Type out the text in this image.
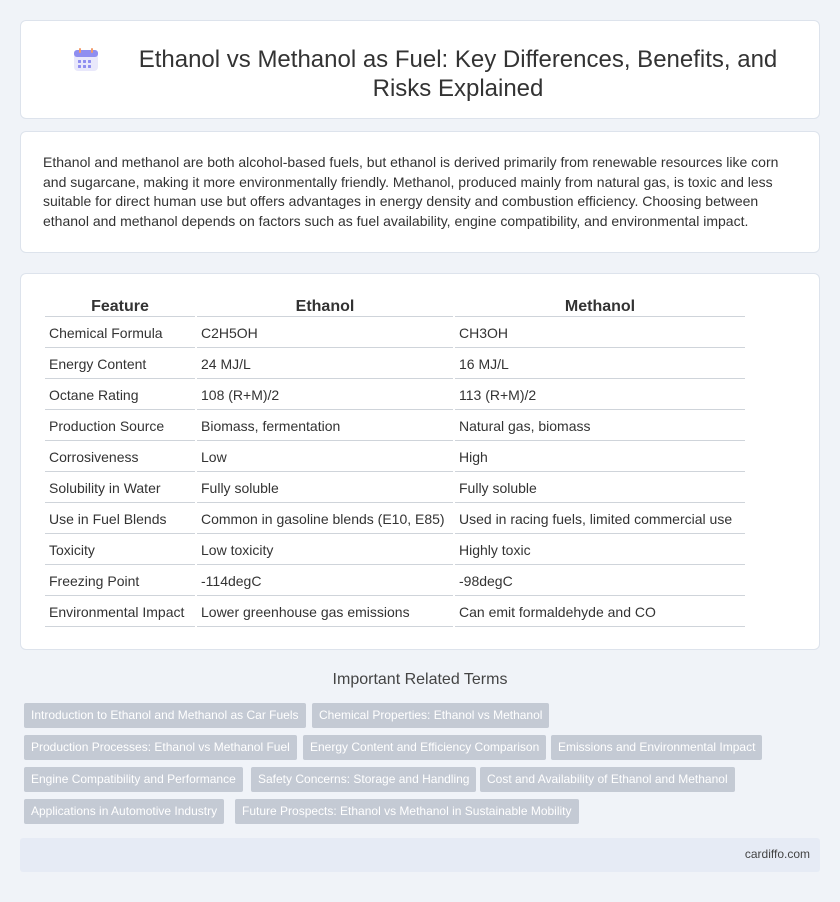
Ethanol vs Methanol as Fuel: Key Differences, Benefits, and Risks Explained

Ethanol and methanol are both alcohol-based fuels, but ethanol is derived primarily from renewable resources like corn and sugarcane, making it more environmentally friendly. Methanol, produced mainly from natural gas, is toxic and less suitable for direct human use but offers advantages in energy density and combustion efficiency. Choosing between ethanol and methanol depends on factors such as fuel availability, engine compatibility, and environmental impact.

Feature	Ethanol	Methanol
Chemical Formula	C2H5OH	CH3OH
Energy Content	24 MJ/L	16 MJ/L
Octane Rating	108 (R+M)/2	113 (R+M)/2
Production Source	Biomass, fermentation	Natural gas, biomass
Corrosiveness	Low	High
Solubility in Water	Fully soluble	Fully soluble
Use in Fuel Blends	Common in gasoline blends (E10, E85)	Used in racing fuels, limited commercial use
Toxicity	Low toxicity	Highly toxic
Freezing Point	-114degC	-98degC
Environmental Impact	Lower greenhouse gas emissions	Can emit formaldehyde and CO
Important Related Terms
Introduction to Ethanol and Methanol as Car Fuels	Chemical Properties: Ethanol vs Methanol
Production Processes: Ethanol vs Methanol Fuel	Energy Content and Efficiency Comparison	Emissions and Environmental Impact
Engine Compatibility and Performance	Safety Concerns: Storage and Handling	Cost and Availability of Ethanol and Methanol
Applications in Automotive Industry	Future Prospects: Ethanol vs Methanol in Sustainable Mobility
cardiffo.com
